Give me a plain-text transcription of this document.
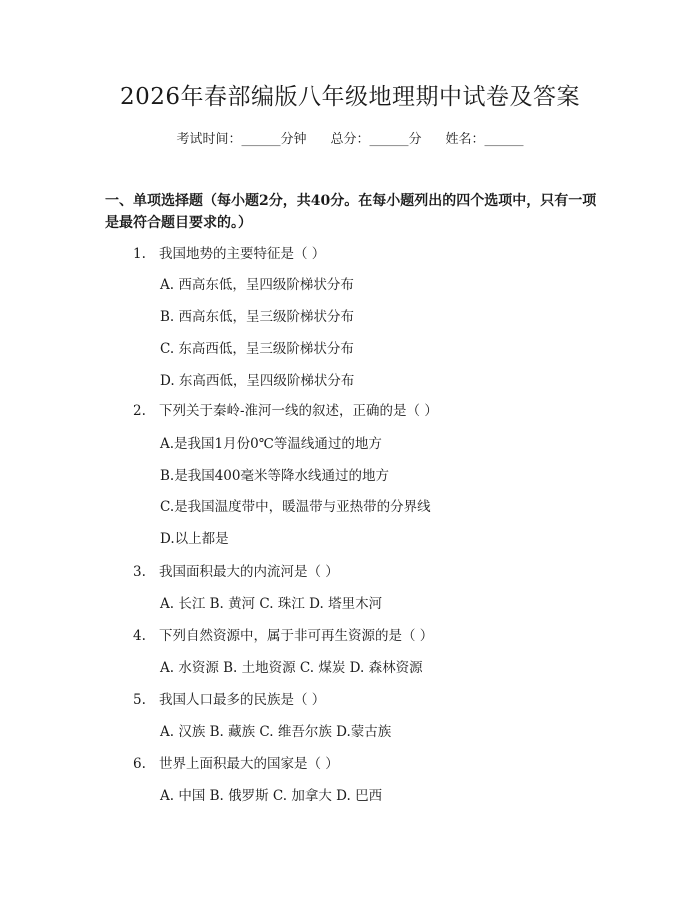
2026年春部编版八年级地理期中试卷及答案
考试时间：______分钟 总分：______分 姓名：______
一、单项选择题（每小题2分，共40分。在每小题列出的四个选项中，只有一项
是最符合题目要求的。）
1. 我国地势的主要特征是（ ）
A. 西高东低，呈四级阶梯状分布
B. 西高东低，呈三级阶梯状分布
C. 东高西低，呈三级阶梯状分布
D. 东高西低，呈四级阶梯状分布
2. 下列关于秦岭-淮河一线的叙述，正确的是（ ）
A.是我国1月份0℃等温线通过的地方
B.是我国400毫米等降水线通过的地方
C.是我国温度带中，暖温带与亚热带的分界线
D.以上都是
3. 我国面积最大的内流河是（ ）
A. 长江 B. 黄河 C. 珠江 D. 塔里木河
4. 下列自然资源中，属于非可再生资源的是（ ）
A. 水资源 B. 土地资源 C. 煤炭 D. 森林资源
5. 我国人口最多的民族是（ ）
A. 汉族 B. 藏族 C. 维吾尔族 D.蒙古族
6. 世界上面积最大的国家是（ ）
A. 中国 B. 俄罗斯 C. 加拿大 D. 巴西
